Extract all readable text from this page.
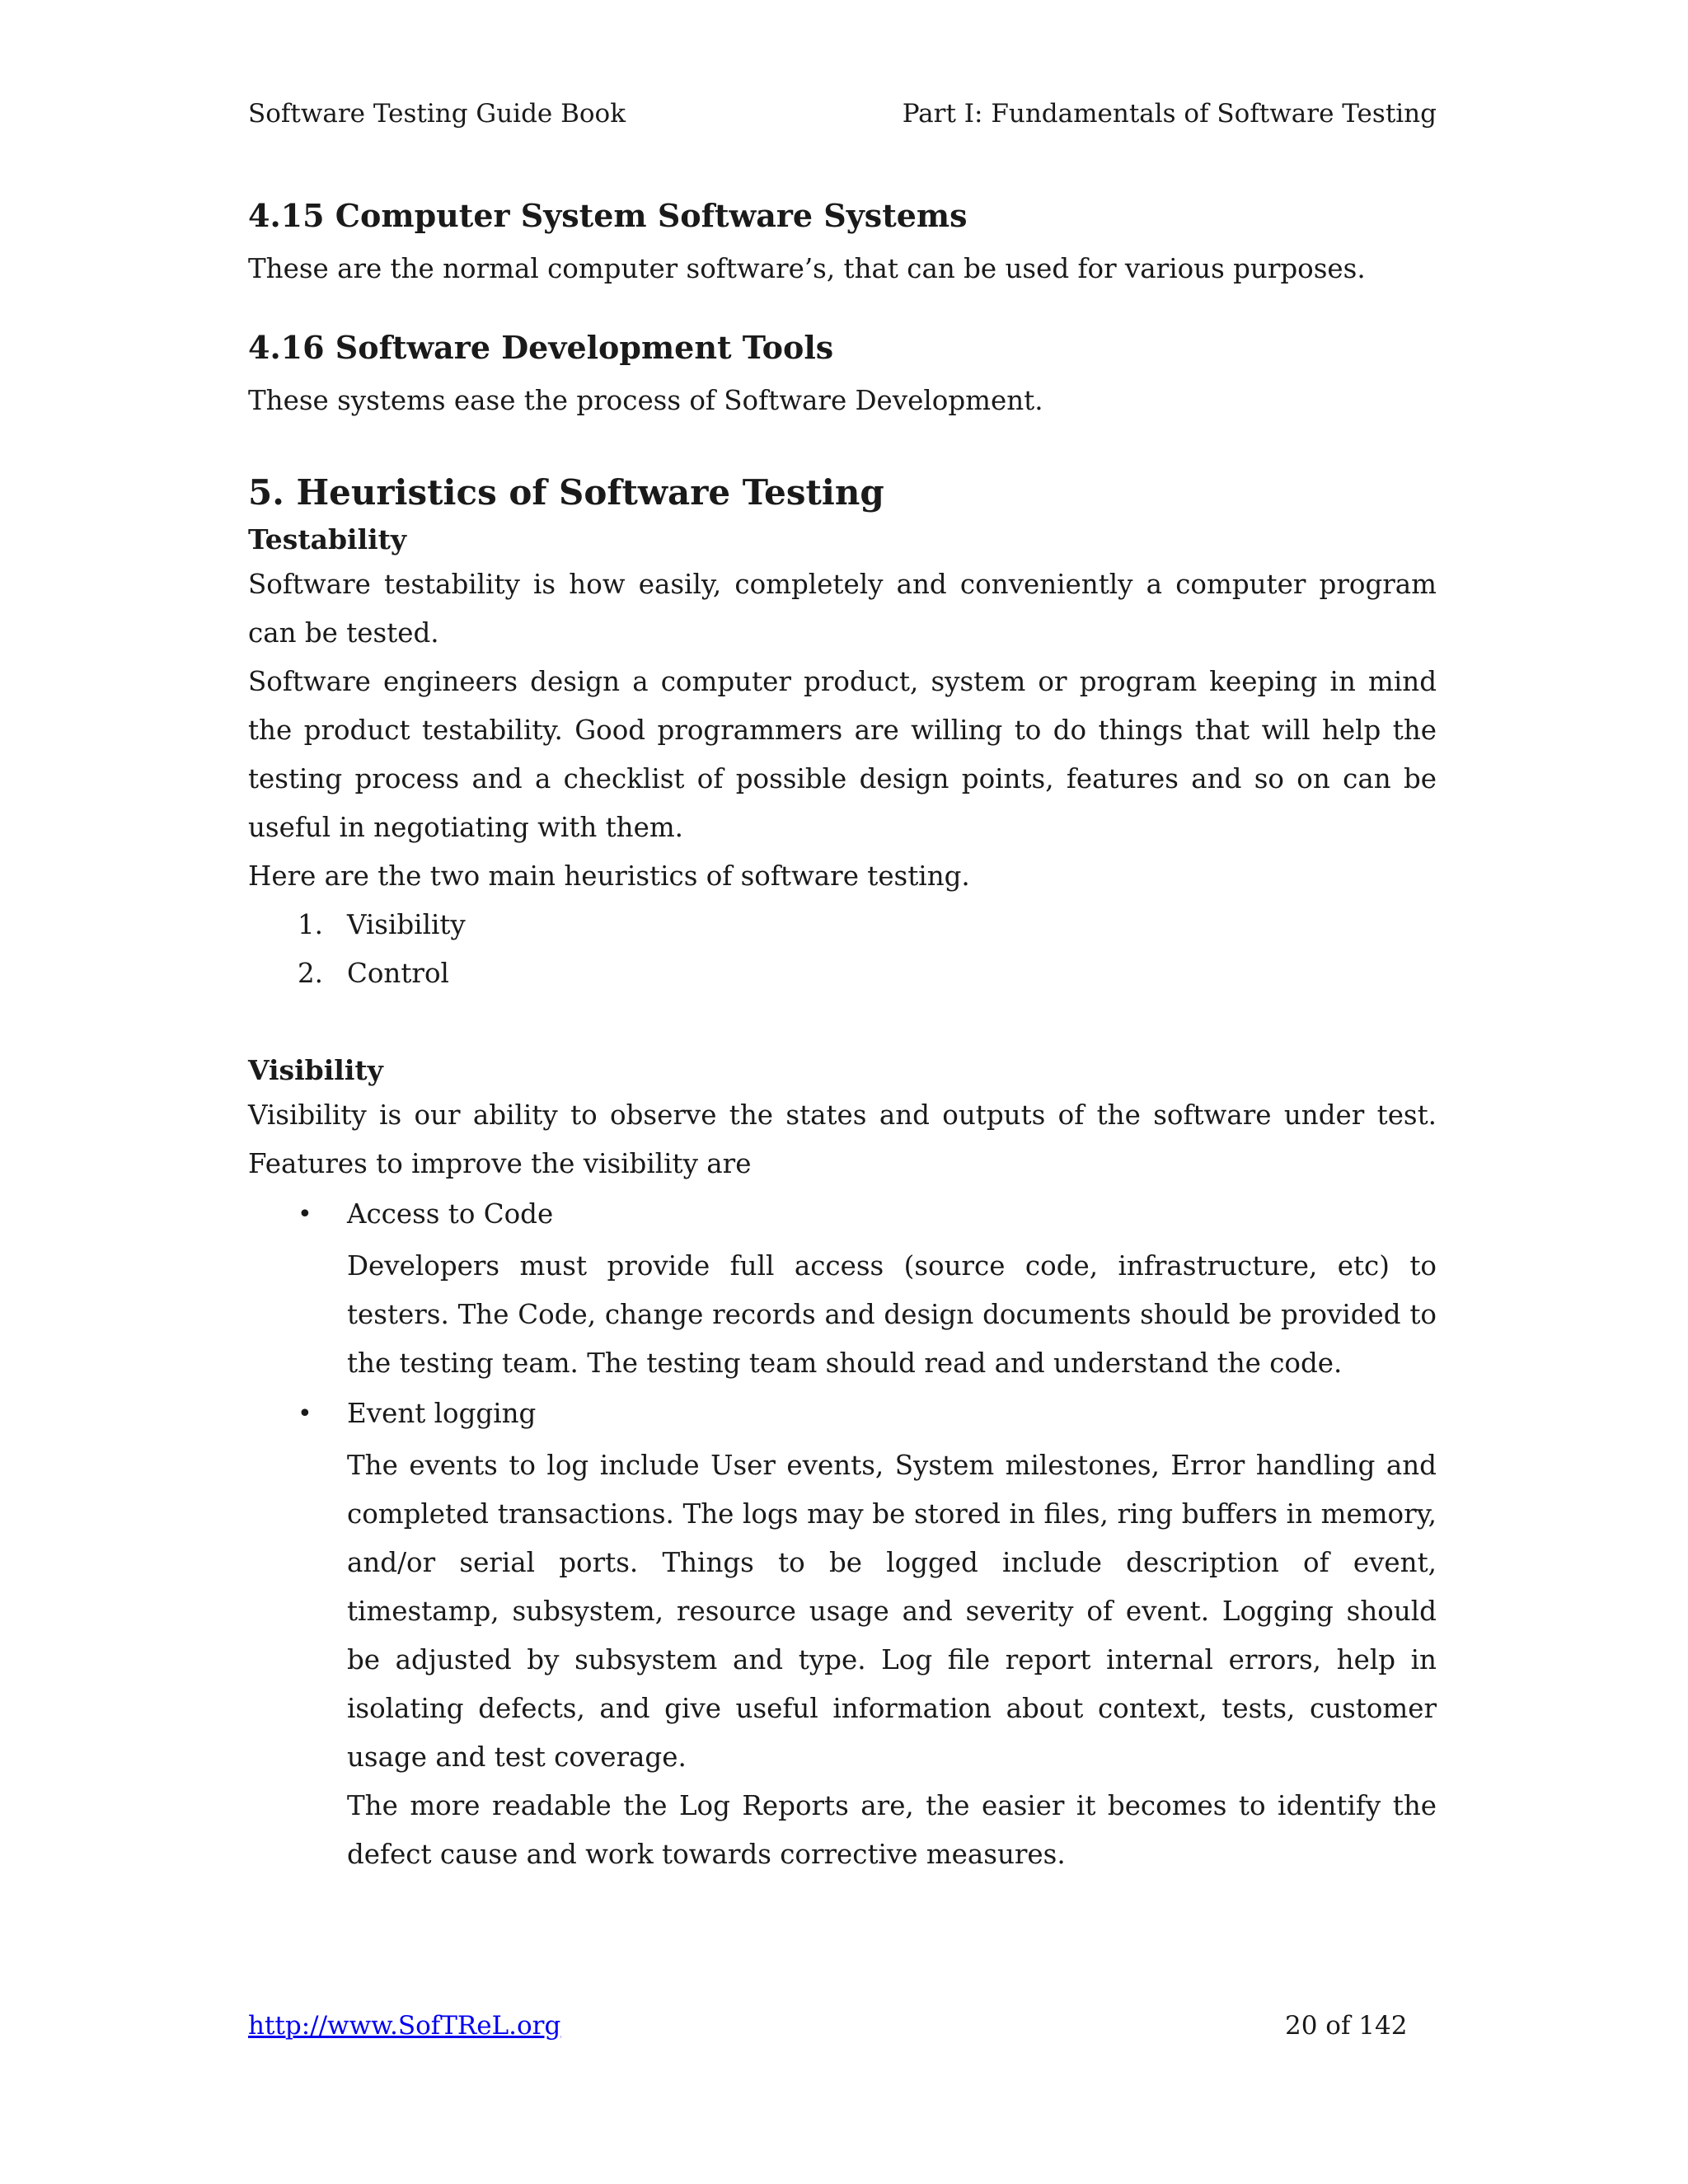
Software Testing Guide Book	Part I: Fundamentals of Software Testing
4.15 Computer System Software Systems

These are the normal computer software’s, that can be used for various purposes.

4.16 Software Development Tools

These systems ease the process of Software Development.

5. Heuristics of Software Testing
Testability

Software testability is how easily, completely and conveniently a computer program can be tested.

Software engineers design a computer product, system or program keeping in mind the product testability. Good programmers are willing to do things that will help the testing process and a checklist of possible design points, features and so on can be useful in negotiating with them.

Here are the two main heuristics of software testing.

1. Visibility
2. Control
Visibility

Visibility is our ability to observe the states and outputs of the software under test. Features to improve the visibility are

•	Access to Code

Developers must provide full access (source code, infrastructure, etc) to testers. The Code, change records and design documents should be provided to the testing team. The testing team should read and understand the code.

•	Event logging

The events to log include User events, System milestones, Error handling and completed transactions. The logs may be stored in files, ring buffers in memory, and/or serial ports. Things to be logged include description of event, timestamp, subsystem, resource usage and severity of event. Logging should be adjusted by subsystem and type. Log file report internal errors, help in isolating defects, and give useful information about context, tests, customer usage and test coverage.

The more readable the Log Reports are, the easier it becomes to identify the defect cause and work towards corrective measures.

http://www.SofTReL.org	20 of 142
